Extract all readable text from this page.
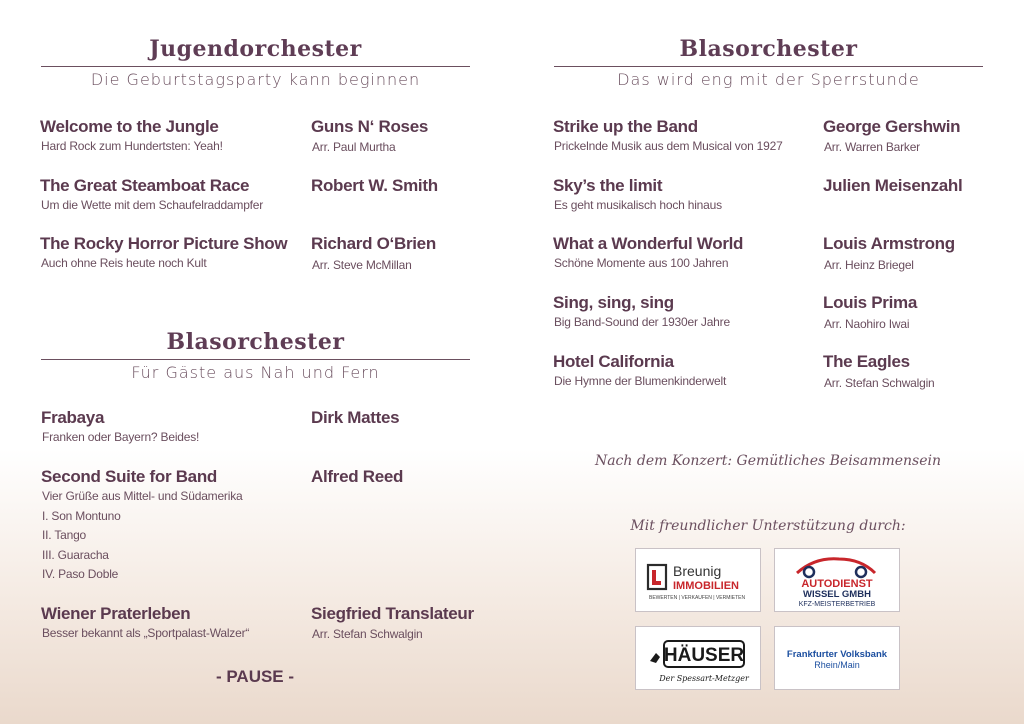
Jugendorchester
Die Geburtstagsparty kann beginnen
Welcome to the Jungle
Hard Rock zum Hundertsten: Yeah!
Guns N‘ Roses
Arr. Paul Murtha
The Great Steamboat Race
Um die Wette mit dem Schaufelraddampfer
Robert W. Smith
The Rocky Horror Picture Show
Auch ohne Reis heute noch Kult
Richard O‘Brien
Arr. Steve McMillan
Blasorchester
Für Gäste aus Nah und Fern
Frabaya
Franken oder Bayern? Beides!
Dirk Mattes
Second Suite for Band
Vier Grüße aus Mittel- und Südamerika
I. Son Montuno
II. Tango
III. Guaracha
IV. Paso Doble
Alfred Reed
Wiener Praterleben
Besser bekannt als „Sportpalast-Walzer“
Siegfried Translateur
Arr. Stefan Schwalgin
- PAUSE -
Blasorchester
Das wird eng mit der Sperrstunde
Strike up the Band
Prickelnde Musik aus dem Musical von 1927
George Gershwin
Arr. Warren Barker
Sky’s the limit
Es geht musikalisch hoch hinaus
Julien Meisenzahl
What a Wonderful World
Schöne Momente aus 100 Jahren
Louis Armstrong
Arr. Heinz Briegel
Sing, sing, sing
Big Band-Sound der 1930er Jahre
Louis Prima
Arr. Naohiro Iwai
Hotel California
Die Hymne der Blumenkinderwelt
The Eagles
Arr. Stefan Schwalgin
Nach dem Konzert: Gemütliches Beisammensein
Mit freundlicher Unterstützung durch:
Breunig
IMMOBILIEN
BEWERTEN | VERKAUFEN | VERMIETEN
AUTODIENST
WISSEL GMBH
KFZ-MEISTERBETRIEB
HÄUSER
Der Spessart-Metzger
Frankfurter Volksbank
Rhein/Main
